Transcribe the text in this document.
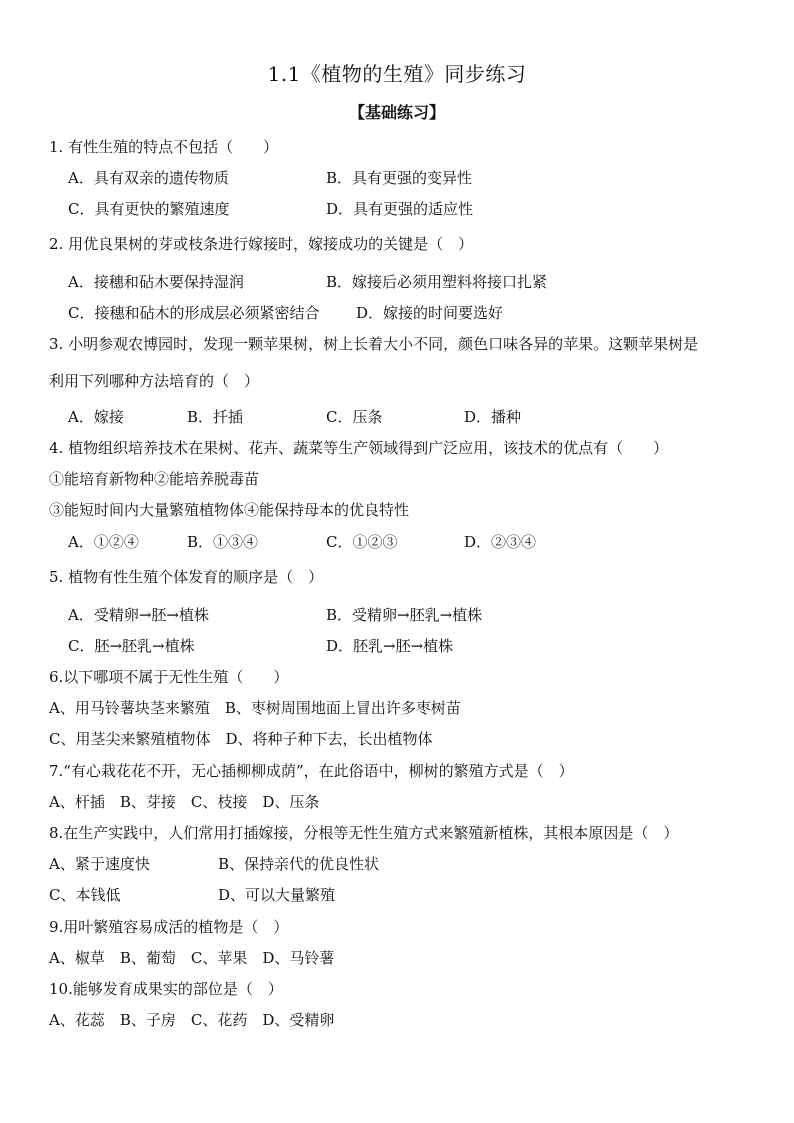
1.1《植物的生殖》同步练习
【基础练习】
1. 有性生殖的特点不包括（　　）
A．具有双亲的遗传物质	B．具有更强的变异性
C．具有更快的繁殖速度	D．具有更强的适应性
2. 用优良果树的芽或枝条进行嫁接时，嫁接成功的关键是（　）
A．接穗和砧木要保持湿润	B．嫁接后必须用塑料将接口扎紧
C．接穗和砧木的形成层必须紧密结合 D．嫁接的时间要选好
3. 小明参观农博园时，发现一颗苹果树，树上长着大小不同，颜色口味各异的苹果。这颗苹果树是
利用下列哪种方法培育的（　）
A．嫁接	B．扦插	C．压条	D．播种
4. 植物组织培养技术在果树、花卉、蔬菜等生产领域得到广泛应用，该技术的优点有（　　）
①能培育新物种②能培养脱毒苗
③能短时间内大量繁殖植物体④能保持母本的优良特性
A．①②④	B．①③④	C．①②③	D．②③④
5. 植物有性生殖个体发育的顺序是（　）
A．受精卵→胚→植株	B．受精卵→胚乳→植株
C．胚→胚乳→植株	D．胚乳→胚→植株
6.以下哪项不属于无性生殖（　　）
A、用马铃薯块茎来繁殖　B、枣树周围地面上冒出许多枣树苗
C、用茎尖来繁殖植物体　D、将种子种下去，长出植物体
7.“有心栽花花不开，无心插柳柳成荫”，在此俗语中，柳树的繁殖方式是（　）
A、杆插　B、芽接　C、枝接　D、压条
8.在生产实践中，人们常用打插嫁接，分根等无性生殖方式来繁殖新植株，其根本原因是（　）
A、紧于速度快	B、保持亲代的优良性状
C、本钱低	D、可以大量繁殖
9.用叶繁殖容易成活的植物是（　）
A、椒草　B、葡萄　C、苹果　D、马铃薯
10.能够发育成果实的部位是（　）
A、花蕊　B、子房　C、花药　D、受精卵
